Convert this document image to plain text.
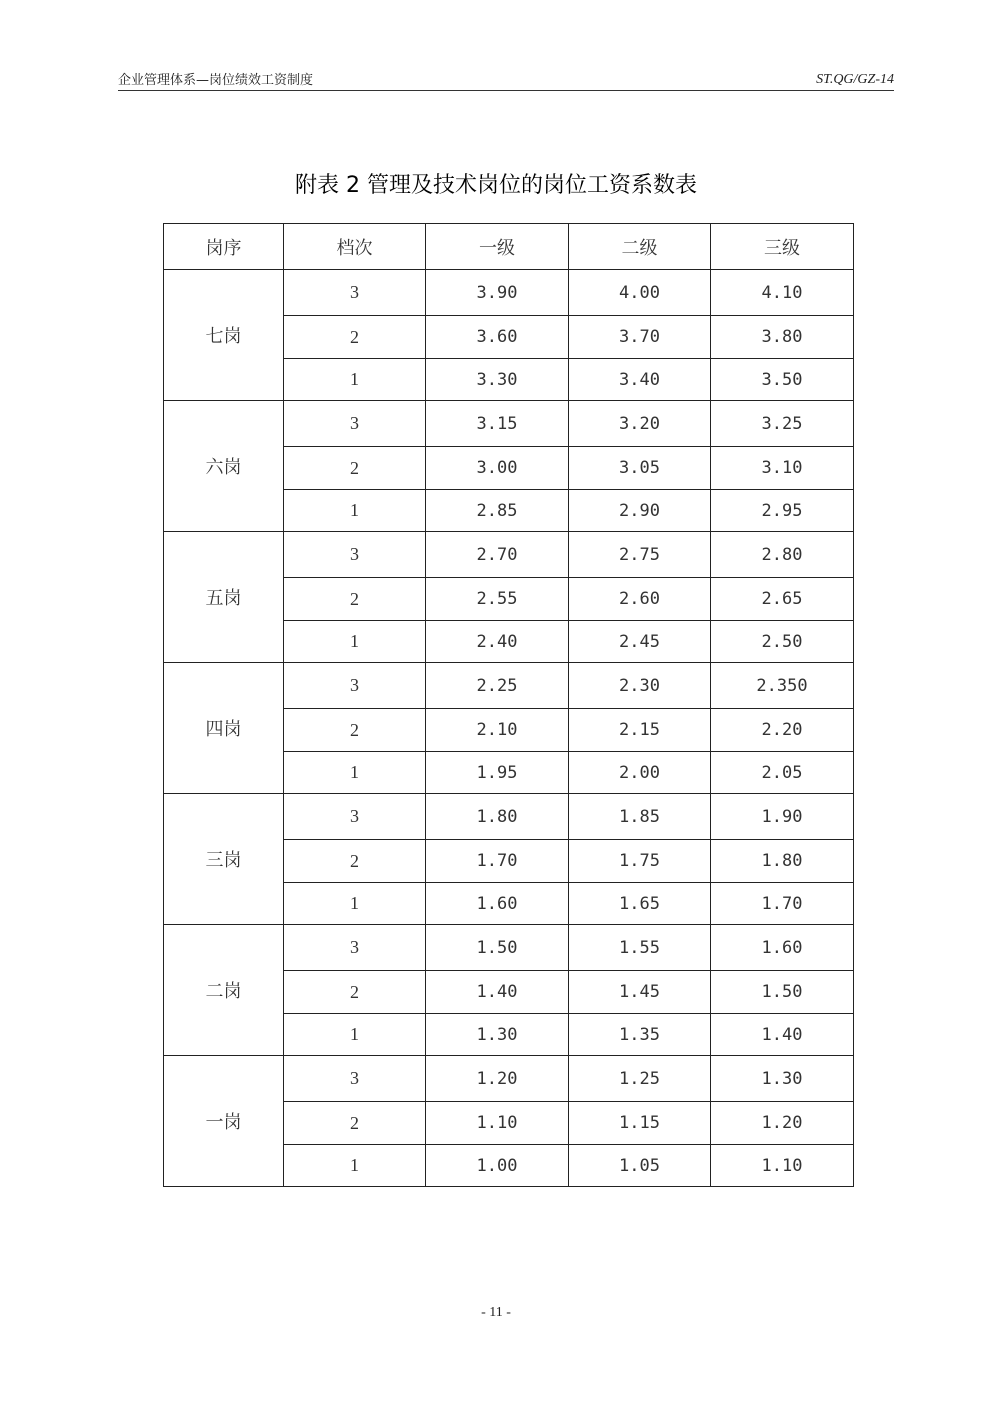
企业管理体系—岗位绩效工资制度	ST.QG/GZ-14
附表 2 管理及技术岗位的岗位工资系数表
岗序	档次	一级	二级	三级
七岗	3	3.90	4.00	4.10
	2	3.60	3.70	3.80
	1	3.30	3.40	3.50
六岗	3	3.15	3.20	3.25
	2	3.00	3.05	3.10
	1	2.85	2.90	2.95
五岗	3	2.70	2.75	2.80
	2	2.55	2.60	2.65
	1	2.40	2.45	2.50
四岗	3	2.25	2.30	2.350
	2	2.10	2.15	2.20
	1	1.95	2.00	2.05
三岗	3	1.80	1.85	1.90
	2	1.70	1.75	1.80
	1	1.60	1.65	1.70
二岗	3	1.50	1.55	1.60
	2	1.40	1.45	1.50
	1	1.30	1.35	1.40
一岗	3	1.20	1.25	1.30
	2	1.10	1.15	1.20
	1	1.00	1.05	1.10
- 11 -
